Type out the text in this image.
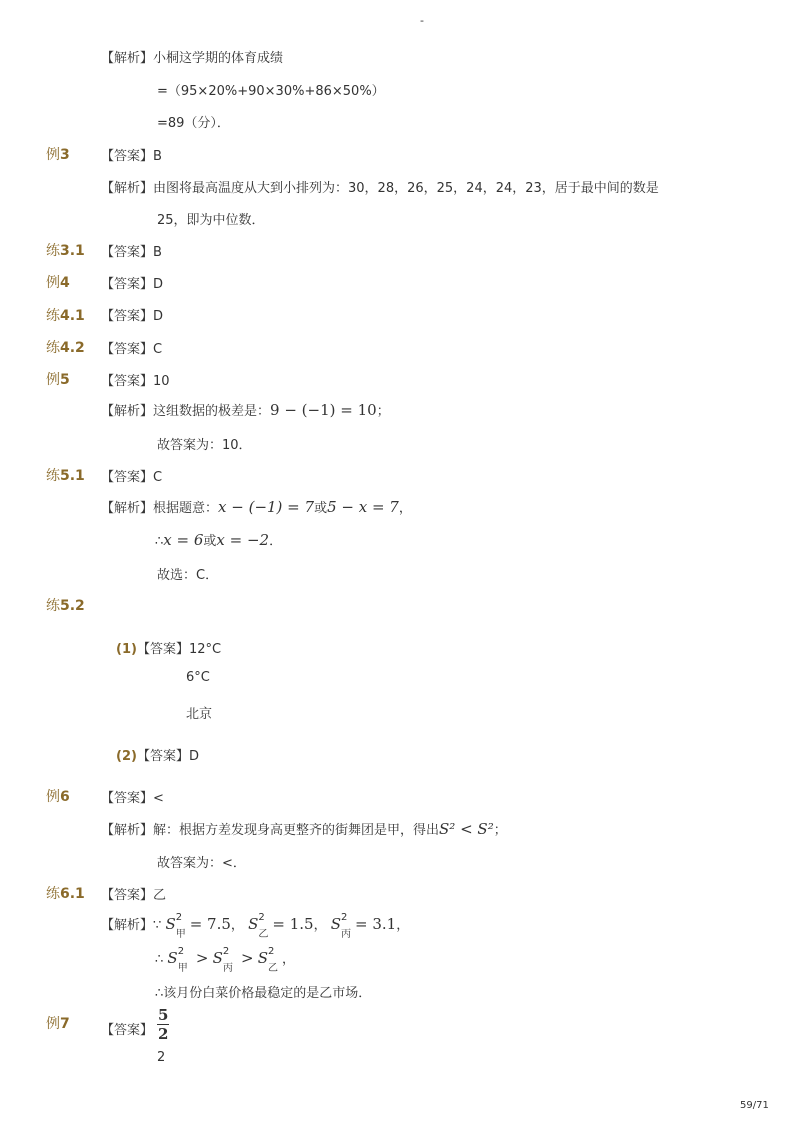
-
【解析】小桐这学期的体育成绩
=（95×20%+90×30%+86×50%）
=89（分）．
例3 【答案】B
【解析】由图将最高温度从大到小排列为：30，28，26，25，24，24，23，居于最中间的数是
25，即为中位数．
练3.1 【答案】B
例4 【答案】D
练4.1 【答案】D
练4.2 【答案】C
例5 【答案】10
【解析】这组数据的极差是：9 − (−1) = 10；
故答案为：10．
练5.1 【答案】C
【解析】根据题意：x − (−1) = 7或5 − x = 7，
∴x = 6或x = −2．
故选：C．
练5.2
(1)【答案】12°C
6°C
北京
(2)【答案】D
例6 【答案】<
【解析】解：根据方差发现身高更整齐的街舞团是甲，得出S² < S²；
故答案为：<．
练6.1 【答案】乙
【解析】∵ S 2
甲
= 7.5， S 2
乙
= 1.5， S 2
丙
= 3.1，
∴ S 2
甲
> S 2
丙
> S 2
乙
，
∴该月份白菜价格最稳定的是乙市场．
例7 【答案】 $\frac{5}{2}$
2
59/71
